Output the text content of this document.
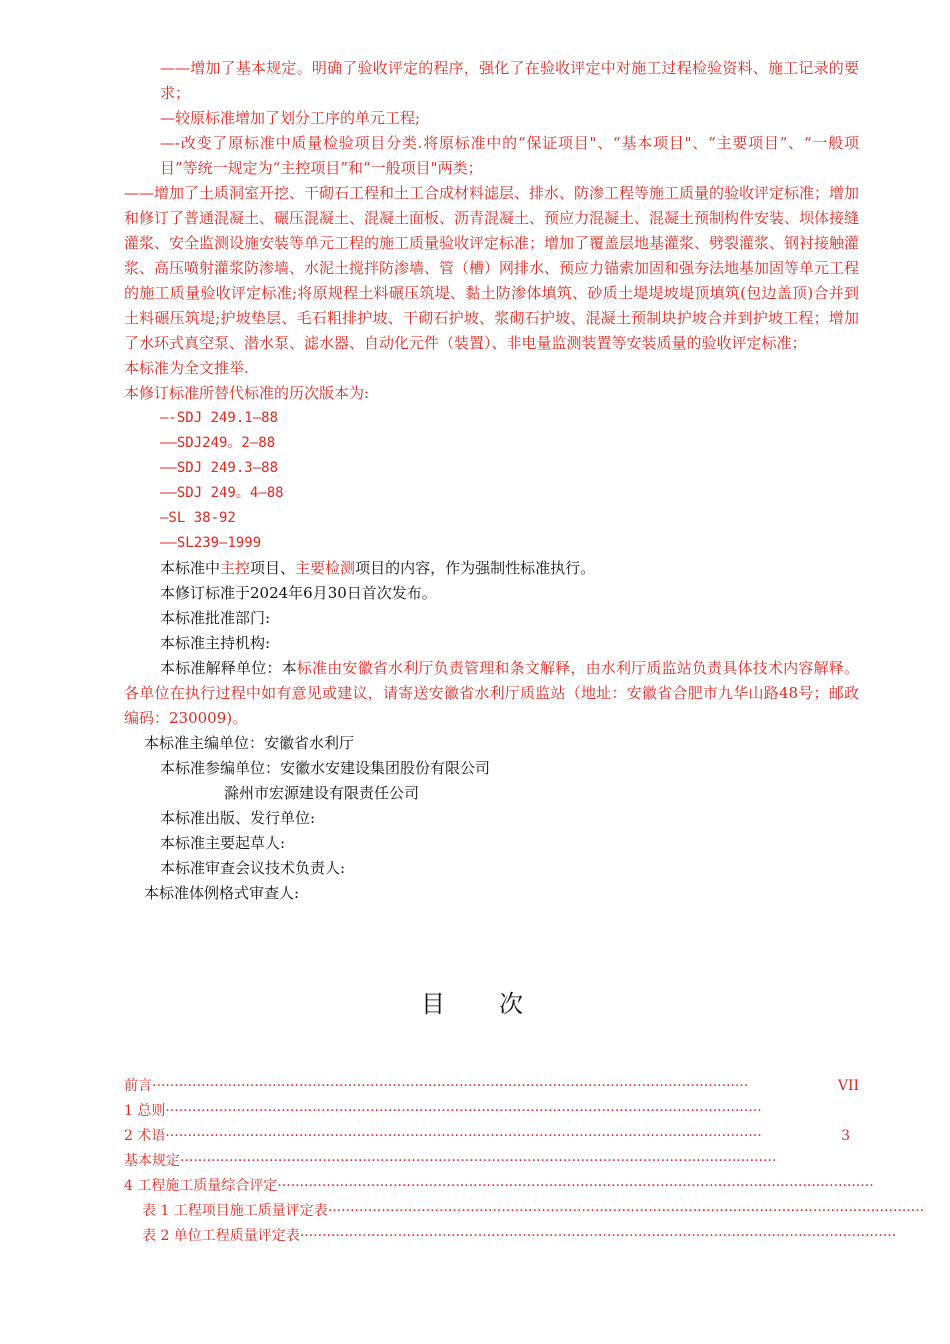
——增加了基本规定。明确了验收评定的程序，强化了在验收评定中对施工过程检验资料、施工记录的要求；

—较原标准增加了划分工序的单元工程;

—-改变了原标准中质量检验项目分类.将原标准中的“保证项目"、“基本项目"、“主要项目”、“一般项目”等统一规定为“主控项目”和“一般项目"两类；

——增加了土质洞室开挖、干砌石工程和土工合成材料滤层、排水、防渗工程等施工质量的验收评定标准；增加和修订了普通混凝土、碾压混凝土、混凝土面板、沥青混凝土、预应力混凝土、混凝土预制构件安装、坝体接缝灌浆、安全监测设施安装等单元工程的施工质量验收评定标准；增加了覆盖层地基灌浆、劈裂灌浆、钢衬接触灌浆、高压喷射灌浆防渗墙、水泥土搅拌防渗墙、管（槽）网排水、预应力锚索加固和强夯法地基加固等单元工程的施工质量验收评定标准;将原规程土料碾压筑堤、黏土防渗体填筑、砂质土堤堤坡堤顶填筑(包边盖顶)合并到土料碾压筑堤;护坡垫层、毛石粗排护坡、干砌石护坡、浆砌石护坡、混凝土预制块护坡合并到护坡工程；增加了水环式真空泵、潜水泵、滤水器、自动化元件（装置）、非电量监测装置等安装质量的验收评定标准；

本标准为全文推举.

本修订标准所替代标准的历次版本为:

—-SDJ 249.1—88

——SDJ249。2—88

——SDJ 249.3—88

——SDJ 249。4—88

—SL 38-92

——SL239—1999

本标准中主控项目、主要检测项目的内容，作为强制性标准执行。

本修订标准于2024年6月30日首次发布。

本标准批准部门:

本标准主持机构:

本标准解释单位：本标准由安徽省水利厅负责管理和条文解释，由水利厅质监站负责具体技术内容解释。各单位在执行过程中如有意见或建议，请寄送安徽省水利厅质监站（地址：安徽省合肥市九华山路48号；邮政编码：230009)。

本标准主编单位：安徽省水利厅

本标准参编单位：安徽水安建设集团股份有限公司

滁州市宏源建设有限责任公司

本标准出版、发行单位:

本标准主要起草人:

本标准审查会议技术负责人:

本标准体例格式审查人:

目 次
前言 ······································································································································	VII
1 总则 ······································································································································
2 术语 ······································································································································	3
基本规定 ······································································································································
4 工程施工质量综合评定 ······································································································································
表 1 工程项目施工质量评定表 ······································································································································
表 2 单位工程质量评定表 ······································································································································
